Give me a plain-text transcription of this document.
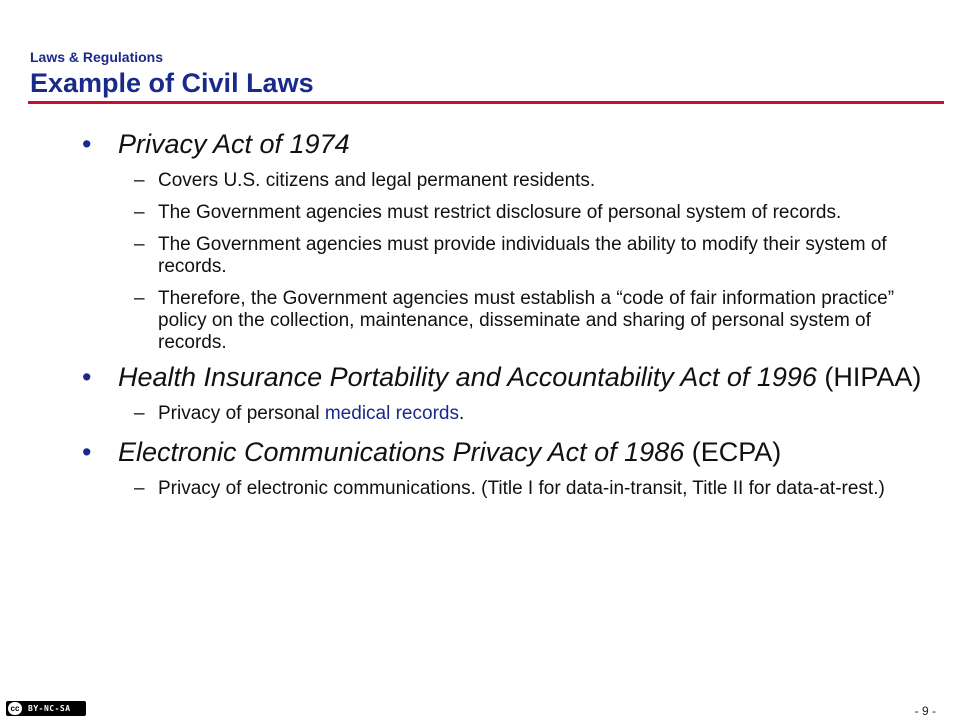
Laws & Regulations
Example of Civil Laws
• Privacy Act of 1974
– Covers U.S. citizens and legal permanent residents.
– The Government agencies must restrict disclosure of personal system of records.
– The Government agencies must provide individuals the ability to modify their system of records.
– Therefore, the Government agencies must establish a “code of fair information practice” policy on the collection, maintenance, disseminate and sharing of personal system of records.
• Health Insurance Portability and Accountability Act of 1996 (HIPAA)
– Privacy of personal medical records.
• Electronic Communications Privacy Act of 1986 (ECPA)
– Privacy of electronic communications. (Title I for data-in-transit, Title II for data-at-rest.)
cc	BY-NC-SA	- 9 -
